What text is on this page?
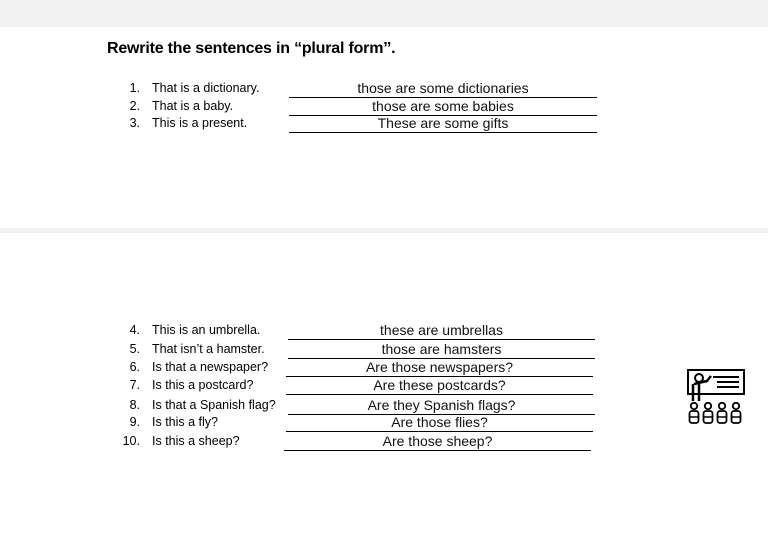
Rewrite the sentences in “plural form’’.
1. That is a dictionary.	those are some dictionaries
2. That is a baby.	those are some babies
3. This is a present.	These are some gifts
4. This is an umbrella.	these are umbrellas
5. That isn’t a hamster.	those are hamsters
6. Is that a newspaper?	Are those newspapers?
7. Is this a postcard?	Are these postcards?
8. Is that a Spanish flag?	Are they Spanish flags?
9. Is this a fly?	Are those flies?
10. Is this a sheep?	Are those sheep?
